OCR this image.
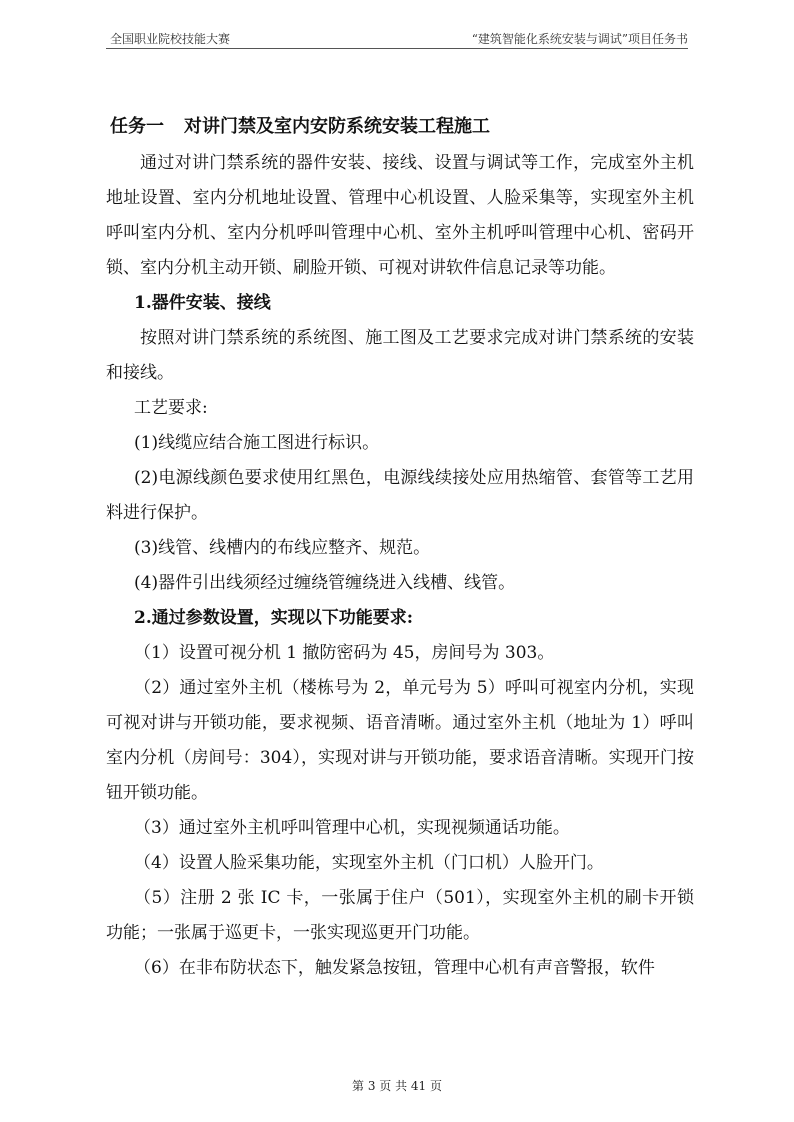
全国职业院校技能大赛	“建筑智能化系统安装与调试”项目任务书

任务一 对讲门禁及室内安防系统安装工程施工

通过对讲门禁系统的器件安装、接线、设置与调试等工作，完成室外主机地址设置、室内分机地址设置、管理中心机设置、人脸采集等，实现室外主机呼叫室内分机、室内分机呼叫管理中心机、室外主机呼叫管理中心机、密码开锁、室内分机主动开锁、刷脸开锁、可视对讲软件信息记录等功能。

1.器件安装、接线

按照对讲门禁系统的系统图、施工图及工艺要求完成对讲门禁系统的安装和接线。

工艺要求:

(1)线缆应结合施工图进行标识。

(2)电源线颜色要求使用红黑色，电源线续接处应用热缩管、套管等工艺用料进行保护。

(3)线管、线槽内的布线应整齐、规范。

(4)器件引出线须经过缠绕管缠绕进入线槽、线管。

2.通过参数设置，实现以下功能要求:

（1）设置可视分机 1 撤防密码为 45，房间号为 303。

（2）通过室外主机（楼栋号为 2，单元号为 5）呼叫可视室内分机，实现可视对讲与开锁功能，要求视频、语音清晰。通过室外主机（地址为 1）呼叫室内分机（房间号：304），实现对讲与开锁功能，要求语音清晰。实现开门按钮开锁功能。

（3）通过室外主机呼叫管理中心机，实现视频通话功能。

（4）设置人脸采集功能，实现室外主机（门口机）人脸开门。

（5）注册 2 张 IC 卡，一张属于住户（501），实现室外主机的刷卡开锁功能；一张属于巡更卡，一张实现巡更开门功能。

（6）在非布防状态下，触发紧急按钮，管理中心机有声音警报，软件

第 3 页 共 41 页
